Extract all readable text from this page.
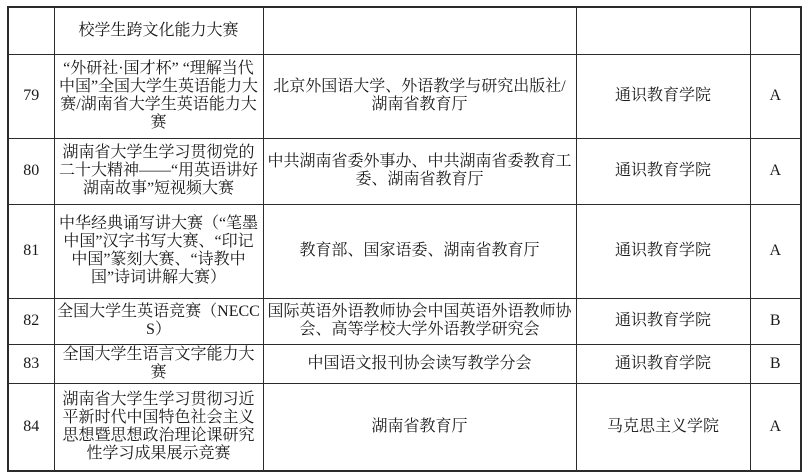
	校学生跨文化能力大赛			
79	“外研社·国才杯” “理解当代中国”全国大学生英语能力大赛/湖南省大学生英语能力大赛	北京外国语大学、外语教学与研究出版社/湖南省教育厅	通识教育学院	A
80	湖南省大学生学习贯彻党的二十大精神——“用英语讲好湖南故事”短视频大赛	中共湖南省委外事办、中共湖南省委教育工委、湖南省教育厅	通识教育学院	A
81	中华经典诵写讲大赛（“笔墨中国”汉字书写大赛、“印记中国”篆刻大赛、“诗教中国”诗词讲解大赛）	教育部、国家语委、湖南省教育厅	通识教育学院	A
82	全国大学生英语竞赛（NECCS）	国际英语外语教师协会中国英语外语教师协会、高等学校大学外语教学研究会	通识教育学院	B
83	全国大学生语言文字能力大赛	中国语文报刊协会读写教学分会	通识教育学院	B
84	湖南省大学生学习贯彻习近平新时代中国特色社会主义思想暨思想政治理论课研究性学习成果展示竞赛	湖南省教育厅	马克思主义学院	A
